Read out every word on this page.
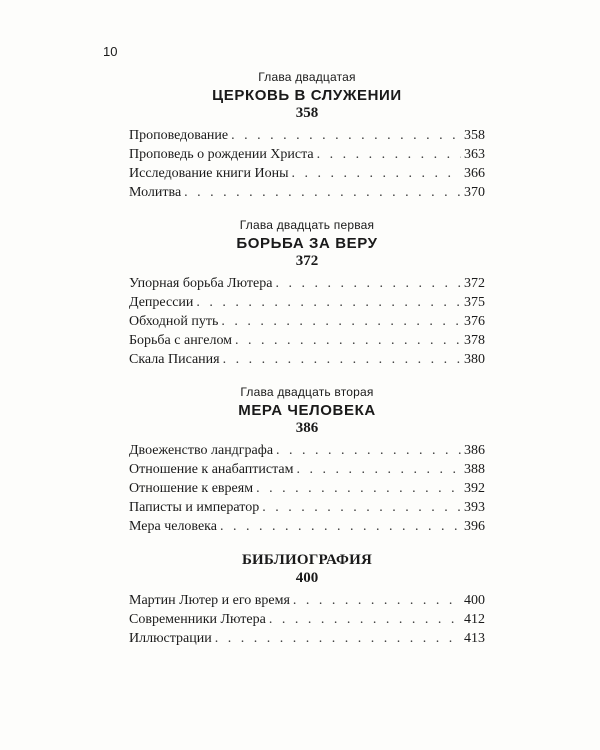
10
Глава двадцатая
ЦЕРКОВЬ В СЛУЖЕНИИ
358
Проповедование . . .	358
Проповедь о рождении Христа . . .	363
Исследование книги Ионы . . .	366
Молитва . . .	370
Глава двадцать первая
БОРЬБА ЗА ВЕРУ
372
Упорная борьба Лютера . . .	372
Депрессии . . .	375
Обходной путь . . .	376
Борьба с ангелом . . .	378
Скала Писания . . .	380
Глава двадцать вторая
МЕРА ЧЕЛОВЕКА
386
Двоеженство ландграфа . . .	386
Отношение к анабаптистам . . .	388
Отношение к евреям . . .	392
Паписты и император . . .	393
Мера человека . . .	396
БИБЛИОГРАФИЯ
400
Мартин Лютер и его время . . .	400
Современники Лютера . . .	412
Иллюстрации . . .	413
